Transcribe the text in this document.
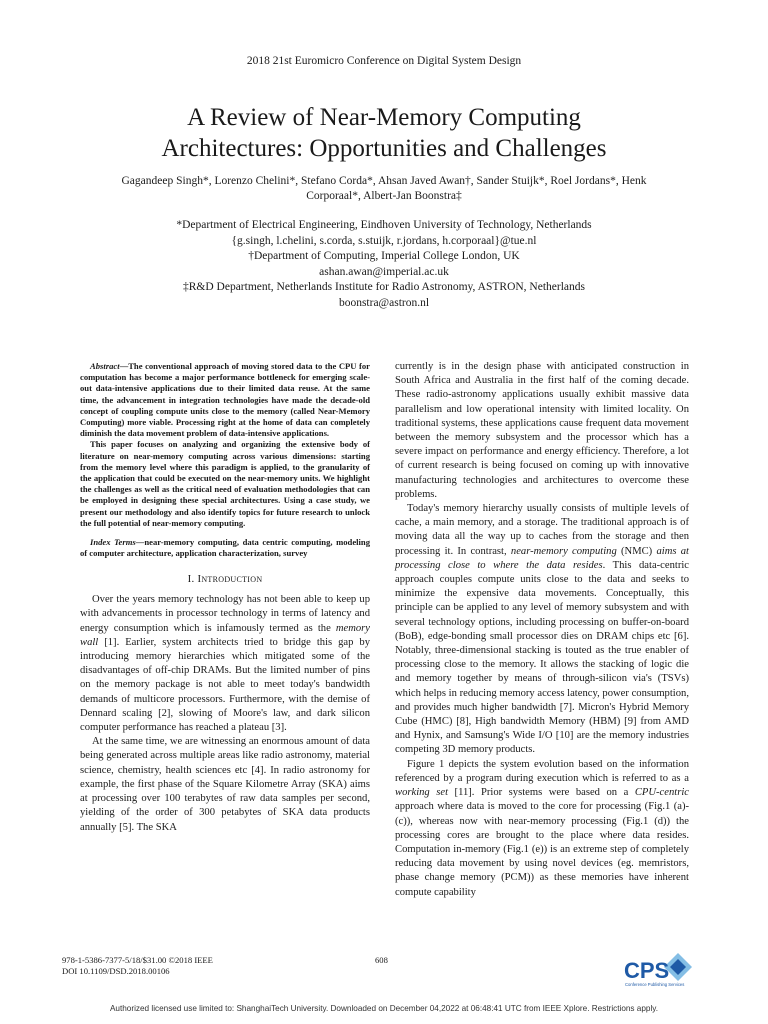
2018 21st Euromicro Conference on Digital System Design
A Review of Near-Memory Computing
Architectures: Opportunities and Challenges
Gagandeep Singh*, Lorenzo Chelini*, Stefano Corda*, Ahsan Javed Awan†, Sander Stuijk*, Roel Jordans*, Henk
Corporaal*, Albert-Jan Boonstra‡
*Department of Electrical Engineering, Eindhoven University of Technology, Netherlands
{g.singh, l.chelini, s.corda, s.stuijk, r.jordans, h.corporaal}@tue.nl
†Department of Computing, Imperial College London, UK
ashan.awan@imperial.ac.uk
‡R&D Department, Netherlands Institute for Radio Astronomy, ASTRON, Netherlands
boonstra@astron.nl

Abstract—The conventional approach of moving stored data to the CPU for computation has become a major performance bottleneck for emerging scale-out data-intensive applications due to their limited data reuse. At the same time, the advancement in integration technologies have made the decade-old concept of coupling compute units close to the memory (called Near-Memory Computing) more viable. Processing right at the home of data can completely diminish the data movement problem of data-intensive applications.

This paper focuses on analyzing and organizing the extensive body of literature on near-memory computing across various dimensions: starting from the memory level where this paradigm is applied, to the granularity of the application that could be executed on the near-memory units. We highlight the challenges as well as the critical need of evaluation methodologies that can be employed in designing these special architectures. Using a case study, we present our methodology and also identify topics for future research to unlock the full potential of near-memory computing.

Index Terms—near-memory computing, data centric computing, modeling of computer architecture, application characterization, survey
I. Introduction

Over the years memory technology has not been able to keep up with advancements in processor technology in terms of latency and energy consumption which is infamously termed as the memory wall [1]. Earlier, system architects tried to bridge this gap by introducing memory hierarchies which mitigated some of the disadvantages of off-chip DRAMs. But the limited number of pins on the memory package is not able to meet today's bandwidth demands of multicore processors. Furthermore, with the demise of Dennard scaling [2], slowing of Moore's law, and dark silicon computer performance has reached a plateau [3].

At the same time, we are witnessing an enormous amount of data being generated across multiple areas like radio astronomy, material science, chemistry, health sciences etc [4]. In radio astronomy for example, the first phase of the Square Kilometre Array (SKA) aims at processing over 100 terabytes of raw data samples per second, yielding of the order of 300 petabytes of SKA data products annually [5]. The SKA

currently is in the design phase with anticipated construction in South Africa and Australia in the first half of the coming decade. These radio-astronomy applications usually exhibit massive data parallelism and low operational intensity with limited locality. On traditional systems, these applications cause frequent data movement between the memory subsystem and the processor which has a severe impact on performance and energy efficiency. Therefore, a lot of current research is being focused on coming up with innovative manufacturing technologies and architectures to overcome these problems.

Today's memory hierarchy usually consists of multiple levels of cache, a main memory, and a storage. The traditional approach is of moving data all the way up to caches from the storage and then processing it. In contrast, near-memory computing (NMC) aims at processing close to where the data resides. This data-centric approach couples compute units close to the data and seeks to minimize the expensive data movements. Conceptually, this principle can be applied to any level of memory subsystem and with several technology options, including processing on buffer-on-board (BoB), edge-bonding small processor dies on DRAM chips etc [6]. Notably, three-dimensional stacking is touted as the true enabler of processing close to the memory. It allows the stacking of logic die and memory together by means of through-silicon via's (TSVs) which helps in reducing memory access latency, power consumption, and provides much higher bandwidth [7]. Micron's Hybrid Memory Cube (HMC) [8], High bandwidth Memory (HBM) [9] from AMD and Hynix, and Samsung's Wide I/O [10] are the memory industries competing 3D memory products.

Figure 1 depicts the system evolution based on the information referenced by a program during execution which is referred to as a working set [11]. Prior systems were based on a CPU-centric approach where data is moved to the core for processing (Fig.1 (a)-(c)), whereas now with near-memory processing (Fig.1 (d)) the processing cores are brought to the place where data resides. Computation in-memory (Fig.1 (e)) is an extreme step of completely reducing data movement by using novel devices (eg. memristors, phase change memory (PCM)) as these memories have inherent compute capability

978-1-5386-7377-5/18/$31.00 ©2018 IEEE
DOI 10.1109/DSD.2018.00106
608	CPS
Conference Publishing Services
Authorized licensed use limited to: ShanghaiTech University. Downloaded on December 04,2022 at 06:48:41 UTC from IEEE Xplore. Restrictions apply.
